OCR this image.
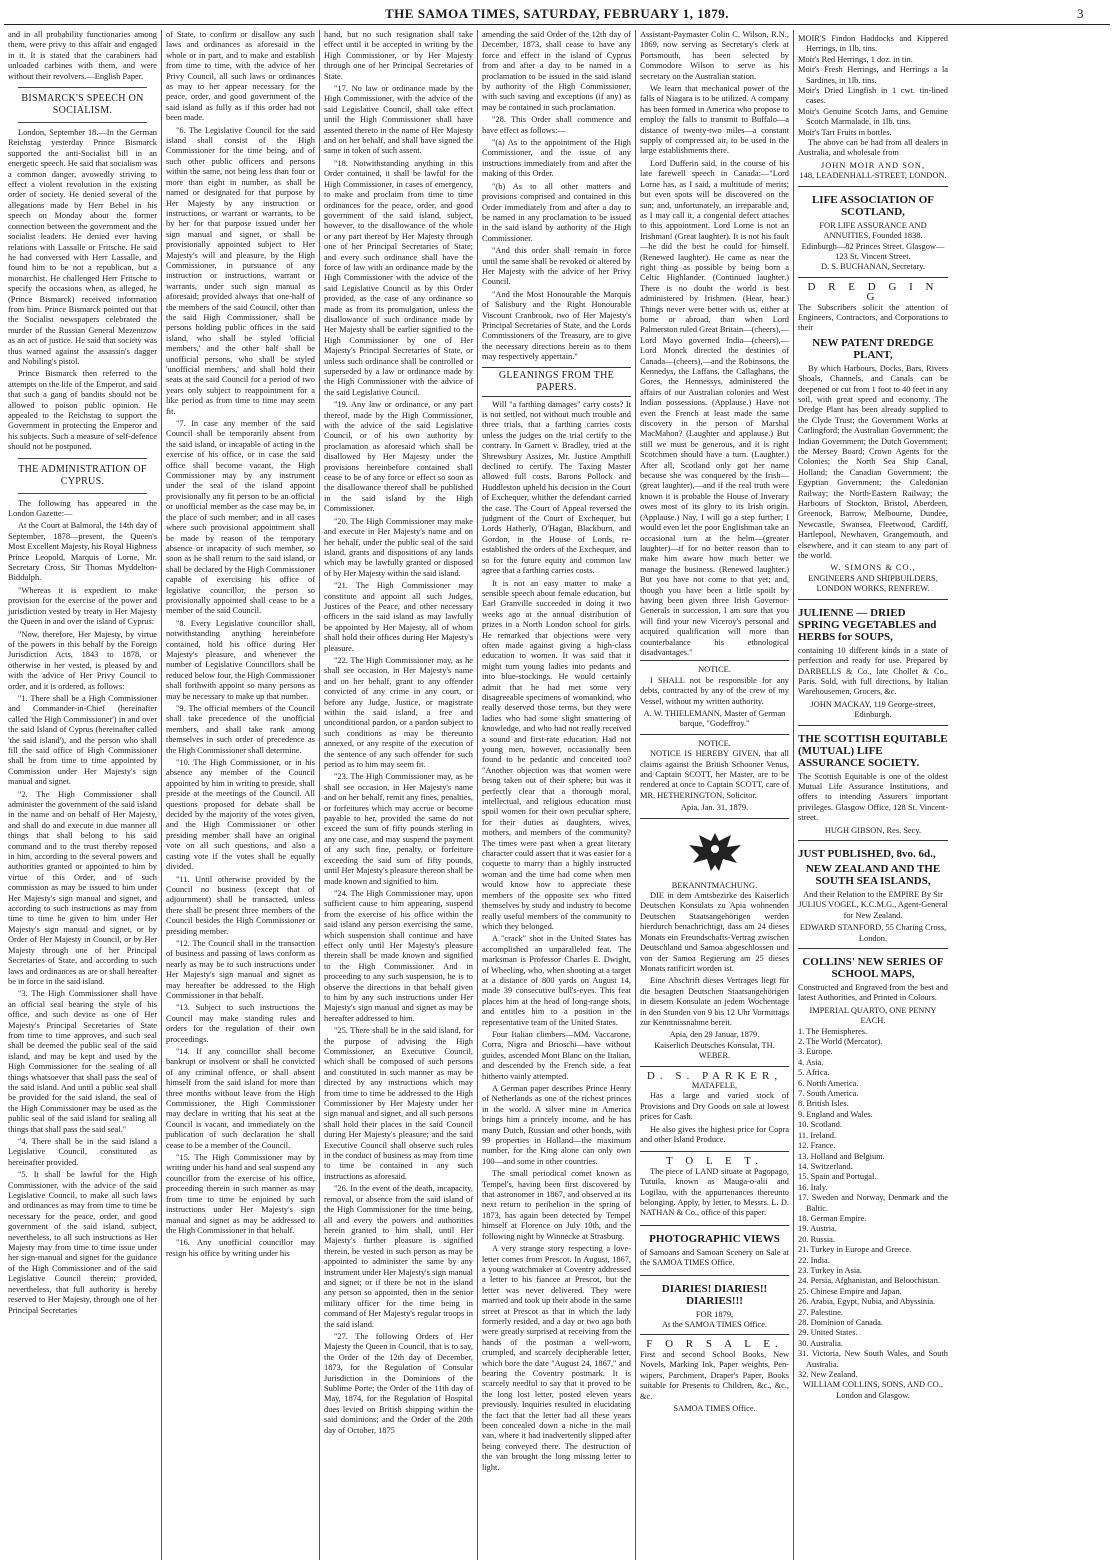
THE SAMOA TIMES, SATURDAY, FEBRUARY 1, 1879.	3

and in all probability functionaries among them, were privy to this affair and engaged in it. It is stated that the carabiners had unloaded carbines with them, and were without their revolvers.—English Paper.

BISMARCK'S SPEECH ON SOCIALISM.

London, September 18.—In the German Reichstag yesterday Prince Bismarck supported the anti-Socialist bill in an energetic speech. He said that socialism was a common danger, avowedly striving to effect a violent revolution in the existing order of society. He denied several of the allegations made by Herr Bebel in his speech on Monday about the former connection between the government and the socialist leaders. He denied ever having relations with Lassalle or Fritsche. He said he had conversed with Herr Lassalle, and found him to be not a republican, but a monarchist. He challenged Herr Fritsche to specify the occasions when, as alleged, he (Prince Bismarck) received information from him. Prince Bismarck pointed out that the Socialist newspapers celebrated the murder of the Russian General Mezentzow as an act of justice. He said that society was thus warned against the assassin's dagger and Nobiling's pistol.

Prince Bismarck then referred to the attempts on the life of the Emperor, and said that such a gang of bandits should not be allowed to poison public opinion. He appealed to the Reichstag to support the Government in protecting the Emperor and his subjects. Such a measure of self-defence should not be postponed.

THE ADMINISTRATION OF CYPRUS.

The following has appeared in the London Gazette:—

At the Court at Balmoral, the 14th day of September, 1878—present, the Queen's Most Excellent Majesty, his Royal Highness Prince Leopold, Marquis of Lorne, Mr. Secretary Cross, Sir Thomas Myddelton-Biddulph.

"Whereas it is expedient to make provision for the exercise of the power and jurisdiction vested by treaty in Her Majesty the Queen in and over the island of Cyprus:

"Now, therefore, Her Majesty, by virtue of the powers in this behalf by the Foreign Jurisdiction Acts, 1843 to 1878, or otherwise in her vested, is pleased by and with the advice of Her Privy Council to order, and it is ordered, as follows:

"1. There shall be a High Commissioner and Commander-in-Chief (hereinafter called 'the High Commissioner') in and over the said Island of Cyprus (hereinafter called 'the said island'), and the person who shall fill the said office of High Commissioner shall be from time to time appointed by Commission under Her Majesty's sign manual and signet.

"2. The High Commissioner shall administer the government of the said island in the name and on behalf of Her Majesty, and shall do and execute in due manner all things that shall belong to his said command and to the trust thereby reposed in him, according to the several powers and authorities granted or appointed to him by virtue of this Order, and of such commission as may be issued to him under Her Majesty's sign manual and signet, and according to such instructions as may from time to time be given to him under Her Majesty's sign manual and signet, or by Order of Her Majesty in Council, or by Her Majesty through one of her Principal Secretaries of State, and according to such laws and ordinances as are or shall hereafter be in force in the said island.

"3. The High Commissioner shall have an official seal bearing the style of his office, and such device as one of Her Majesty's Principal Secretaries of State from time to time approves, and such seal shall be deemed the public seal of the said island, and may be kept and used by the High Commissioner for the sealing of all things whatsoever that shall pass the seal of the said island. And until a public seal shall be provided for the said island, the seal of the High Commissioner may be used as the public seal of the said island for sealing all things that shall pass the said seal."

"4. There shall be in the said island a Legislative Council, constituted as hereinafter provided.

"5. It shall be lawful for the High Commissioner, with the advice of the said Legislative Council, to make all such laws and ordinances as may from time to time be necessary for the peace, order, and good government of the said island, subject, nevertheless, to all such instructions as Her Majesty may from time to time issue under her sign-manual and signet for the guidance of the High Commissioner and of the said Legislative Council therein; provided, nevertheless, that full authority is hereby reserved to Her Majesty, through one of her Principal Secretaries

of State, to confirm or disallow any such laws and ordinances as aforesaid in the whole or in part, and to make and establish from time to time, with the advice of her Privy Council, all such laws or ordinances as may to her appear necessary for the peace, order, and good government of the said island as fully as if this order had not been made.

"6. The Legislative Council for the said island shall consist of the High Commissioner for the time being, and of such other public officers and persons within the same, not being less than four or more than eight in number, as shall be named or designated for that purpose by Her Majesty by any instruction or instructions, or warrant or warrants, to be by her for that purpose issued under her sign manual and signet, or shall be provisionally appointed subject to Her Majesty's will and pleasure, by the High Commissioner, in pursuance of any instruction or instructions, warrant or warrants, under such sign manual as aforesaid; provided always that one-half of the members of the said Council, other than the said High Commissioner, shall be persons holding public offices in the said island, who shall be styled 'official members,' and the other half shall be unofficial persons, who shall be styled 'unofficial members,' and shall hold their seats at the said Council for a period of two years only subject to reappointment for a like period as from time to time may seem fit.

"7. In case any member of the said Council shall be temporarily absent from the said island, or incapable of acting in the exercise of his office, or in case the said office shall become vacant, the High Commissioner may by any instrument under the seal of the island appoint provisionally any fit person to be an official or unofficial member as the case may be, in the place of such member; and in all cases where such provisional appointment shall be made by reason of the temporary absence or incapacity of such member, so soon as he shall return to the said island, or shall be declared by the High Commissioner capable of exercising his office of legislative councillor, the person so provisionally appointed shall cease to be a member of the said Council.

"8. Every Legislative councillor shall, notwithstanding anything hereinbefore contained, hold his office during Her Majesty's pleasure, and whenever the number of Legislative Councillors shall be reduced below four, the High Commissioner shall forthwith appoint so many persons as may be necessary to make up that number.

"9. The official members of the Council shall take precedence of the unofficial members, and shall take rank among themselves in such order of precedence as the High Commissioner shall determine.

"10. The High Commissioner, or in his absence any member of the Council appointed by him in writing to preside, shall preside at the meetings of the Council. All questions proposed for debate shall be decided by the majority of the votes given, and the High Commissioner or other presiding member shall have an original vote on all such questions, and also a casting vote if the votes shall be equally divided.

"11. Until otherwise provided by the Council no business (except that of adjournment) shall be transacted, unless there shall be present three members of the Council besides the High Commissioner or presiding member.

"12. The Council shall in the transaction of business and passing of laws conform as nearly as may be to such instructions under Her Majesty's sign manual and signet as may hereafter be addressed to the High Commissioner in that behalf.

"13. Subject to such instructions the Council may make standing rules and orders for the regulation of their own proceedings.

"14. If any councillor shall become bankrupt or insolvent or shall be convicted of any criminal offence, or shall absent himself from the said island for more than three months without leave from the High Commissioner, the High Commissioner may declare in writing that his seat at the Council is vacant, and immediately on the publication of such declaration he shall cease to be a member of the Council.

"15. The High Commissioner may by writing under his hand and seal suspend any councillor from the exercise of his office, proceeding therein in such manner as may from time to time be enjoined by such instructions under Her Majesty's sign manual and signet as may be addressed to the High Commissioner in that behalf.

"16. Any unofficial councillor may resign his office by writing under his

hand, but no such resignation shall take effect until it be accepted in writing by the High Commissioner, or by Her Majesty through one of her Principal Secretaries of State.

"17. No law or ordinance made by the High Commissioner, with the advice of the said Legislative Council, shall take effect until the High Commissioner shall have assented thereto in the name of Her Majesty and on her behalf, and shall have signed the same in token of such assent.

"18. Notwithstanding anything in this Order contained, it shall be lawful for the High Commissioner, in cases of emergency, to make and proclaim from time to time ordinances for the peace, order, and good government of the said island, subject, however, to the disallowance of the whole or any part thereof by Her Majesty through one of her Principal Secretaries of State; and every such ordinance shall have the force of law with an ordinance made by the High Commissioner with the advice of the said Legislative Council as by this Order provided, as the case of any ordinance so made as from its promulgation, unless the disallowance of such ordinance made by Her Majesty shall be earlier signified to the High Commissioner by one of Her Majesty's Principal Secretaries of State, or unless such ordinance shall be controlled or superseded by a law or ordinance made by the High Commissioner with the advice of the said Legislative Council.

"19. Any law or ordinance, or any part thereof, made by the High Commissioner, with the advice of the said Legislative Council, or of his own authority by proclamation as aforesaid which shall be disallowed by Her Majesty under the provisions hereinbefore contained shall cease to be of any force or effect so soon as the disallowance thereof shall be published in the said island by the High Commissioner.

"20. The High Commissioner may make and execute in Her Majesty's name and on her behalf, under the public seal of the said island, grants and dispositions of any lands which may be lawfully granted or disposed of by Her Majesty within the said island.

"21. The High Commissioner may constitute and appoint all such Judges, Justices of the Peace, and other necessary officers in the said island as may lawfully be appointed by Her Majesty, all of whom shall hold their offices during Her Majesty's pleasure.

"22. The High Commissioner may, as he shall see occasion, in Her Majesty's name and on her behalf, grant to any offender convicted of any crime in any court, or before any Judge, Justice, or magistrate within the said island, a free and unconditional pardon, or a pardon subject to such conditions as may be thereunto annexed, or any respite of the execution of the sentence of any such offender for such period as to him may seem fit.

"23. The High Commissioner may, as he shall see occasion, in Her Majesty's name and on her behalf, remit any fines, penalties, or forfeitures which may accrue or become payable to her, provided the same do not exceed the sum of fifty pounds sterling in any one case, and may suspend the payment of any such fine, penalty, or forfeiture exceeding the said sum of fifty pounds, until Her Majesty's pleasure thereon shall be made known and signified to him.

"24. The High Commissioner may, upon sufficient cause to him appearing, suspend from the exercise of his office within the said island any person exercising the same, which suspension shall continue and have effect only until Her Majesty's pleasure therein shall be made known and signified to the High Commissioner. And in proceeding to any such suspension, he is to observe the directions in that behalf given to him by any such instructions under Her Majesty's sign manual and signet as may be hereafter addressed to him.

"25. There shall be in the said island, for the purpose of advising the High Commissioner, an Executive Council, which shall be composed of such persons and constituted in such manner as may be directed by any instructions which may from time to time be addressed to the High Commissioner by Her Majesty under her sign manual and signet, and all such persons shall hold their places in the said Council during Her Majesty's pleasure; and the said Executive Council shall observe such rules in the conduct of business as may from time to time be contained in any such instructions as aforesaid.

"26. In the event of the death, incapacity, removal, or absence from the said island of the High Commissioner for the time being, all and every the powers and authorities herein granted to him shall, until Her Majesty's further pleasure is signified therein, be vested in such person as may be appointed to administer the same by any instrument under Her Majesty's sign manual and signet; or if there be not in the island any person so appointed, then in the senior military officer for the time being in command of Her Majesty's regular troops in the said island.

"27. The following Orders of Her Majesty the Queen in Council, that is to say, the Order of the 12th day of December, 1873, for the Regulation of Consular Jurisdiction in the Dominions of the Sublime Porte; the Order of the 11th day of May, 1874, for the Regulation of Hospital dues levied on British shipping within the said dominions; and the Order of the 20th day of October, 1875

amending the said Order of the 12th day of December, 1873, shall cease to have any force and effect in the island of Cyprus from and after a day to be named in a proclamation to be issued in the said island by authority of the High Commissioner, with such saving and exceptions (if any) as may be contained in such proclamation.

"28. This Order shall commence and have effect as follows:—

"(a) As to the appointment of the High Commissioner, and the issue of any instructions immediately from and after the making of this Order.

"(b) As to all other matters and provisions comprised and contained in this Order immediately from and after a day to be named in any proclamation to be issued in the said island by authority of the High Commissioner.

"And this order shall remain in force until the same shall be revoked or altered by Her Majesty with the advice of her Privy Council.

"And the Most Honourable the Marquis of Salisbury and the Right Honourable Viscount Cranbrook, two of Her Majesty's Principal Secretaries of State, and the Lords Commissioners of the Treasury, are to give the necessary directions herein as to them may respectively appertain."

GLEANINGS FROM THE PAPERS.

Will "a farthing damages" carry costs? It is not settled, not without much trouble and three trials, that a farthing carries costs unless the judges on the trial certify to the contrary. In Garnett v. Bradley, tried at the Shrewsbury Assizes, Mr. Justice Ampthill declined to certify. The Taxing Master allowed full costs. Barons Pollock and Huddleston upheld his decision in the Court of Exchequer, whither the defendant carried the case. The Court of Appeal reversed the judgment of the Court of Exchequer, but Lords Hatherly, O'Hagan, Blackburn, and Gordon, in the House of Lords, re-established the orders of the Exchequer, and so for the future equity and common law agree that a farthing carries costs.

It is not an easy matter to make a sensible speech about female education, but Earl Granville succeeded in doing it two weeks ago at the annual distribution of prizes in a North London school for girls. He remarked that objections were very often made against giving a high-class education to women. It was said that it might turn young ladies into pedants and into blue-stockings. He would certainly admit that he had met some very disagreeable specimens of womankind, who really deserved those terms, but they were ladies who had some slight smattering of knowledge, and who had not really received a sound and first-rate education. Had not young men, however, occasionally been found to be pedantic and conceited too? "Another objection was that women were being taken out of their sphere; but was it perfectly clear that a thorough moral, intellectual, and religious education must spoil women for their own peculiar sphere, for their duties as daughters, wives, mothers, and members of the community? The times were past when a great literary character could assert that it was easier for a coquette to marry than a highly instructed woman and the time had come when men would know how to appreciate these members of the opposite sex who fitted themselves by study and industry to become really useful members of the community to which they belonged.

A "crack" shot in the United States has accomplished an unparalleled feat. The marksman is Professor Charles E. Dwight, of Wheeling, who, when shooting at a target at a distance of 800 yards on August 14, made 39 consecutive bull's-eyes. This feat places him at the head of long-range shots, and entitles him to a position in the representative team of the United States.

Four Italian climbers—MM. Vaccarone, Corra, Nigra and Brioschi—have without guides, ascended Mont Blanc on the Italian, and descended by the French side, a feat hitherto vainly attempted.

A German paper describes Prince Henry of Netherlands as one of the richest princes in the world. A silver mine in America brings him a princely income, and he has many Dutch, Russian and other bonds, with 99 properties in Holland—the maximum number, for the King alone can only own 100—and some in other countries.

The small periodical comet known as Tempel's, having been first discovered by that astronomer in 1867, and observed at its next return to perihelion in the spring of 1873, has again been detected by Tempel himself at Florence on July 10th, and the following night by Winnecke at Strasburg.

A very strange story respecting a love-letter comes from Prescot. In August, 1867, a young watchmaker at Coventry addressed a letter to his fiancee at Prescot, but the letter was never delivered. They were married and took up their abode in the same street at Prescot as that in which the lady formerly resided, and a day or two ago both were greatly surprised at receiving from the hands of the postman a well-worn, crumpled, and scarcely decipherable letter, which bore the date "August 24, 1867," and bearing the Coventry postmark. It is scarcely needful to say that it proved to be the long lost letter, posted eleven years previously. Inquiries resulted in elucidating the fact that the letter had all these years been concealed down a niche in the mail van, where it had inadvertently slipped after being conveyed there. The destruction of the van brought the long missing letter to light.

Assistant-Paymaster Colin C. Wilson, R.N., 1869, now serving as Secretary's clerk at Portsmouth, has been selected by Commodore Wilson to serve as his secretary on the Australian station.

We learn that mechanical power of the falls of Niagara is to be utilized. A company has been formed in America who propose to employ the falls to transmit to Buffalo—a distance of twenty-two miles—a constant supply of compressed air, to be used in the large establishments there.

Lord Dufferin said, in the course of his late farewell speech in Canada:—"Lord Lorne has, as I said, a multitude of merits; but even spots will be discovered on the sun; and, unfortunately, an irreparable and, as I may call it, a congenial defect attaches to this appointment. Lord Lorne is not an Irishman! (Great laughter). It is not his fault—he did the best he could for himself. (Renewed laughter). He came as near the right thing as possible by being born a Celtic Highlander. (Continued laughter.) There is no doubt the world is best administered by Irishmen. (Hear, hear.) Things never were better with us, either at home or abroad, than when Lord Palmerston ruled Great Britain—(cheers),—Lord Mayo governed India—(cheers),—Lord Monck directed the destinies of Canada—(cheers),—and the Robinsons, the Kennedys, the Laffans, the Callaghans, the Gores, the Hennessys, administered the affairs of our Australian colonies and West Indian possessions. (Applause.) Have not even the French at least made the same discovery in the person of Marshal MacMahon? (Laughter and applause.) But still we must be generous, and it is right Scotchmen should have a turn. (Laughter.) After all, Scotland only got her name because she was conquered by the Irish—(great laughter),—and if the real truth were known it is probable the House of Inverary owes most of its glory to its Irish origin. (Applause.) Nay, I will go a step further; I would even let the poor Englishman take an occasional turn at the helm—(greater laughter)—if for no better reason than to make him aware how much better we manage the business. (Renewed laughter.) But you have not come to that yet; and, though you have been a little spoilt by having been given three Irish Governor-Generals in succession, I am sure that you will find your new Viceroy's personal and acquired qualification will more than counterbalance his ethnological disadvantages."

NOTICE.

I SHALL not be responsible for any debts, contracted by any of the crew of my Vessel, without my written authority.

A. W. THIELEMANN, Master of German barque, "Godeffroy."
NOTICE.

NOTICE IS HEREBY GIVEN, that all claims against the British Schooner Venus, and Captain SCOTT, her Master, are to be rendered at once to Captain SCOTT, care of MR. HETHERINGTON, Solicitor.

Apia, Jan. 31, 1879.
BEKANNTMACHUNG.

DIE in dem Amtsbezirke des Kaiserlich Deutschen Konsulats zu Apia wohnenden Deutschen Staatsangehörigen werden hierdurch benachrichtigt, dass am 24 dieses Monats ein Freundschafts-Vertrag zwischen Deutschland und Samoa abgeschlossen und von der Samoa Regierung am 25 dieses Monats ratificirt worden ist.

Eine Abschrift dieses Vertrages liegt für die besagten Deutschen Staatsangehörigen in diesem Konsulate an jedem Wochentage in den Stunden von 9 bis 12 Uhr Vormittags zur Kenntnissnahme bereit.

Apia, den 29 Januar, 1879.
Kaiserlich Deutsches Konsulat, TH. WEBER.
D. S. PARKER,
MATAFELE,

Has a large and varied stock of Provisions and Dry Goods on sale at lowest prices for Cash.

He also gives the highest price for Copra and other Island Produce.

T O L E T.

The piece of LAND situate at Pagopago, Tutuila, known as Mauga-o-alii and Logilau, with the appurtenances thereunto belonging. Apply, by letter, to Messrs. L. D. NATHAN & Co., office of this paper.

PHOTOGRAPHIC VIEWS

of Samoans and Samoan Scenery on Sale at the SAMOA TIMES Office.

DIARIES! DIARIES!! DIARIES!!!
FOR 1879,
At the SAMOA TIMES Office.
F O R S A L E.

First and second School Books, New Novels, Marking Ink, Paper weights, Pen-wipers, Parchment, Draper's Paper, Books suitable for Presents to Children, &c., &c., &c.

SAMOA TIMES Office.
MOIR'S Findon Haddocks and Kippered Herrings, in 1lb. tins.
Moir's Red Herrings, 1 doz. in tin.
Moir's Fresh Herrings, and Herrings a la Sardines, in 1lb. tins.
Moir's Dried Lingfish in 1 cwt. tin-lined cases.
Moir's Genuine Scotch Jams, and Genuine Scotch Marmalade, in 1lb. tins.
Moir's Tart Fruits in bottles.

The above can be had from all dealers in Australia, and wholesale from

JOHN MOIR AND SON,
148, LEADENHALL-STREET, LONDON.
LIFE ASSOCIATION OF SCOTLAND,
FOR LIFE ASSURANCE AND ANNUITIES, Founded 1838.
Edinburgh—82 Princes Street. Glasgow—123 St. Vincent Street.
D. S. BUCHANAN, Secretary.
D R E D G I N G

The Subscribers solicit the attention of Engineers, Contractors, and Corporations to their

NEW PATENT DREDGE PLANT,

By which Harbours, Docks, Bars, Rivers Shoals, Channels, and Canals can be deepened or cut from 1 foot to 40 feet in any soil, with great speed and economy. The Dredge Plant has been already supplied to the Clyde Trust; the Government Works at Carlingford; the Australian Government; the Indian Government; the Dutch Government; the Mersey Board; Crown Agents for the Colonies; the North Sea Ship Canal, Holland; the Canadian Government; the Egyptian Government; the Caledonian Railway; the North-Eastern Railway; the Harbours of Stockton, Bristol, Aberdeen, Greenock, Barrow, Melbourne, Dundee, Newcastle, Swansea, Fleetwood, Cardiff, Hartlepool, Newhaven, Grangemouth, and elsewhere, and it can steam to any part of the world.

W. SIMONS & CO.,
ENGINEERS AND SHIPBUILDERS, LONDON WORKS, RENFREW.
JULIENNE — DRIED SPRING VEGETABLES and HERBS for SOUPS,

containing 10 different kinds in a state of perfection and ready for use. Prepared by DARBELLS & Co., late Chollet & Co., Paris. Sold, with full directions, by Italian Warehousemen, Grocers, &c.

JOHN MACKAY, 119 George-street, Edinburgh.
THE SCOTTISH EQUITABLE (MUTUAL) LIFE ASSURANCE SOCIETY.

The Scottish Equitable is one of the oldest Mutual Life Assurance Institutions, and offers to intending Assurers important privileges. Glasgow Office, 128 St. Vincent-street.

HUGH GIBSON, Res. Secy.
JUST PUBLISHED, 8vo. 6d.,
NEW ZEALAND AND THE SOUTH SEA ISLANDS,

And their Relation to the EMPIRE By Sir JULIUS VOGEL, K.C.M.G., Agent-General for New Zealand.

EDWARD STANFORD, 55 Charing Cross, London.
COLLINS' NEW SERIES OF SCHOOL MAPS,

Constructed and Engraved from the best and latest Authorities, and Printed in Colours.

IMPERIAL QUARTO, ONE PENNY EACH.
1. The Hemispheres.
2. The World (Mercator).
3. Europe.
4. Asia.
5. Africa.
6. North America.
7. South America.
8. British Isles.
9. England and Wales.
10. Scotland.
11. Ireland.
12. France.
13. Holland and Belgium.
14. Switzerland.
15. Spain and Portugal.
16. Italy.
17. Sweden and Norway, Denmark and the Baltic.
18. German Empire.
19. Austria.
20. Russia.
21. Turkey in Europe and Greece.
22. India.
23. Turkey in Asia.
24. Persia, Afghanistan, and Beloochistan.
25. Chinese Empire and Japan.
26. Arabia, Egypt, Nubia, and Abyssinia.
27. Palestine.
28. Dominion of Canada.
29. United States.
30. Australia.
31. Victoria, New South Wales, and South Australia.
32. New Zealand.
WILLIAM COLLINS, SONS, AND CO., London and Glasgow.
